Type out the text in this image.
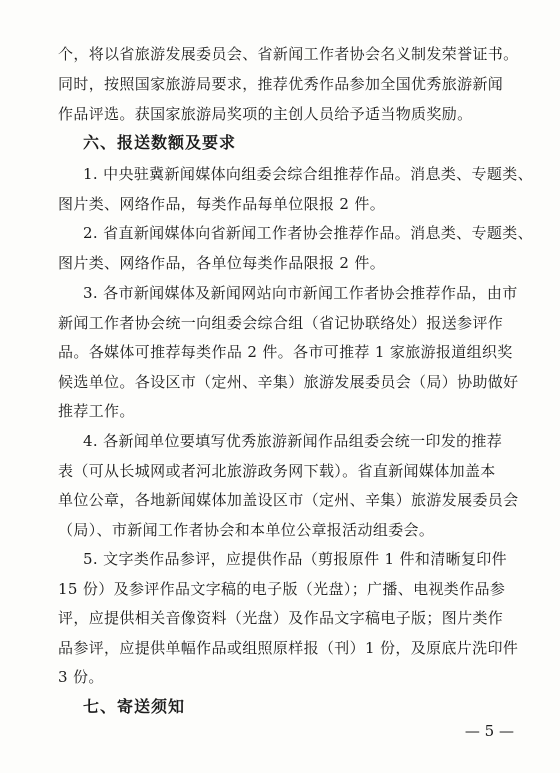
个，将以省旅游发展委员会、省新闻工作者协会名义制发荣誉证书。
同时，按照国家旅游局要求，推荐优秀作品参加全国优秀旅游新闻
作品评选。获国家旅游局奖项的主创人员给予适当物质奖励。
六、报送数额及要求
1. 中央驻冀新闻媒体向组委会综合组推荐作品。消息类、专题类、
图片类、网络作品，每类作品每单位限报 2 件。
2. 省直新闻媒体向省新闻工作者协会推荐作品。消息类、专题类、
图片类、网络作品，各单位每类作品限报 2 件。
3. 各市新闻媒体及新闻网站向市新闻工作者协会推荐作品，由市
新闻工作者协会统一向组委会综合组（省记协联络处）报送参评作
品。各媒体可推荐每类作品 2 件。各市可推荐 1 家旅游报道组织奖
候选单位。各设区市（定州、辛集）旅游发展委员会（局）协助做好
推荐工作。
4. 各新闻单位要填写优秀旅游新闻作品组委会统一印发的推荐
表（可从长城网或者河北旅游政务网下载）。省直新闻媒体加盖本
单位公章，各地新闻媒体加盖设区市（定州、辛集）旅游发展委员会
（局）、市新闻工作者协会和本单位公章报活动组委会。
5. 文字类作品参评，应提供作品（剪报原件 1 件和清晰复印件
15 份）及参评作品文字稿的电子版（光盘）；广播、电视类作品参
评，应提供相关音像资料（光盘）及作品文字稿电子版；图片类作
品参评，应提供单幅作品或组照原样报（刊）1 份，及原底片洗印件
3 份。
七、寄送须知
— 5 —
